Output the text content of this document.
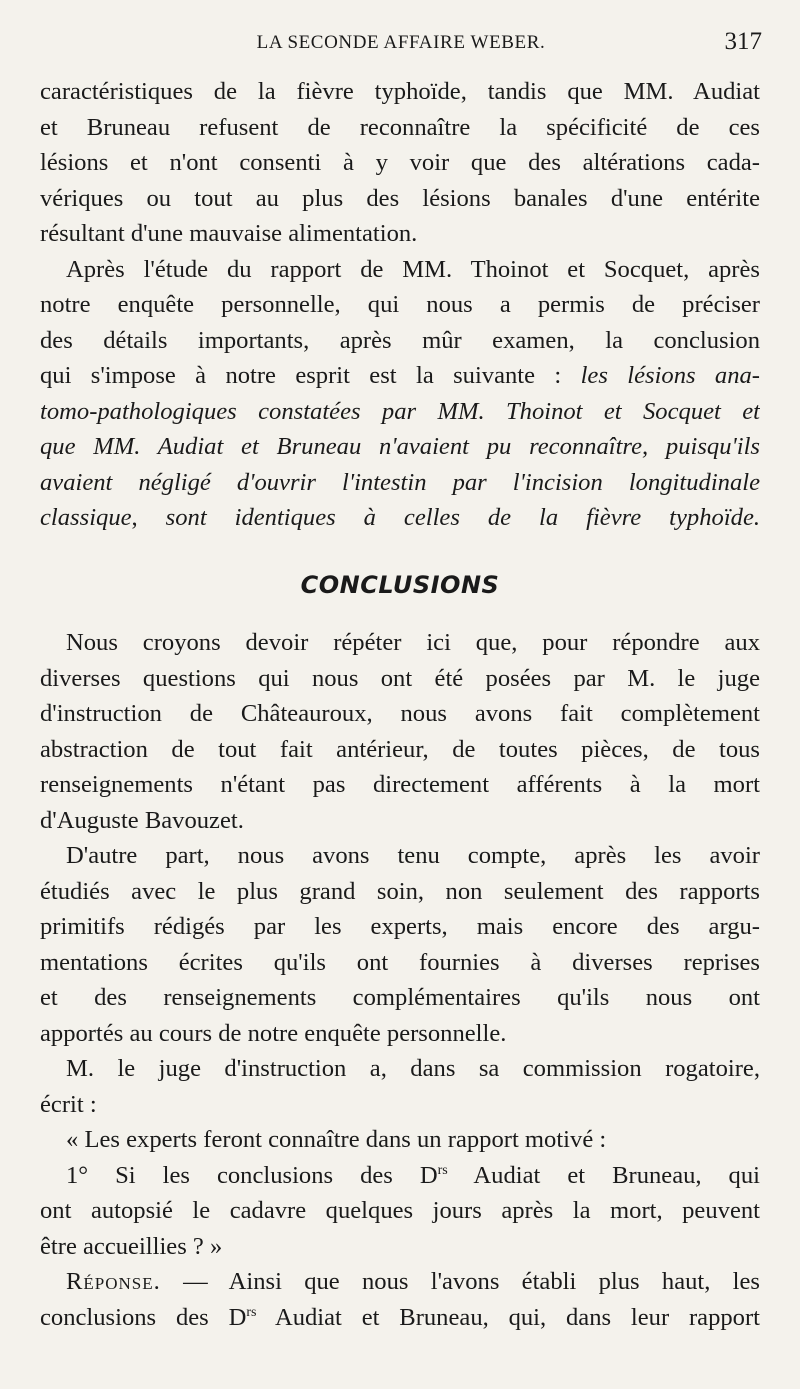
LA SECONDE AFFAIRE WEBER.	317
caractéristiques de la fièvre typhoïde, tandis que MM. Audiat
et Bruneau refusent de reconnaître la spécificité de ces
lésions et n'ont consenti à y voir que des altérations cada-
vériques ou tout au plus des lésions banales d'une entérite
résultant d'une mauvaise alimentation.
Après l'étude du rapport de MM. Thoinot et Socquet, après
notre enquête personnelle, qui nous a permis de préciser
des détails importants, après mûr examen, la conclusion
qui s'impose à notre esprit est la suivante : les lésions ana-
tomo-pathologiques constatées par MM. Thoinot et Socquet et
que MM. Audiat et Bruneau n'avaient pu reconnaître, puisqu'ils
avaient négligé d'ouvrir l'intestin par l'incision longitudinale
classique, sont identiques à celles de la fièvre typhoïde.
CONCLUSIONS
Nous croyons devoir répéter ici que, pour répondre aux
diverses questions qui nous ont été posées par M. le juge
d'instruction de Châteauroux, nous avons fait complètement
abstraction de tout fait antérieur, de toutes pièces, de tous
renseignements n'étant pas directement afférents à la mort
d'Auguste Bavouzet.
D'autre part, nous avons tenu compte, après les avoir
étudiés avec le plus grand soin, non seulement des rapports
primitifs rédigés par les experts, mais encore des argu-
mentations écrites qu'ils ont fournies à diverses reprises
et des renseignements complémentaires qu'ils nous ont
apportés au cours de notre enquête personnelle.
M. le juge d'instruction a, dans sa commission rogatoire,
écrit :
« Les experts feront connaître dans un rapport motivé :
1° Si les conclusions des $D^{rs}$ Audiat et Bruneau, qui
ont autopsié le cadavre quelques jours après la mort, peuvent
être accueillies ? »
Réponse. — Ainsi que nous l'avons établi plus haut, les
conclusions des $D^{rs}$ Audiat et Bruneau, qui, dans leur rapport
